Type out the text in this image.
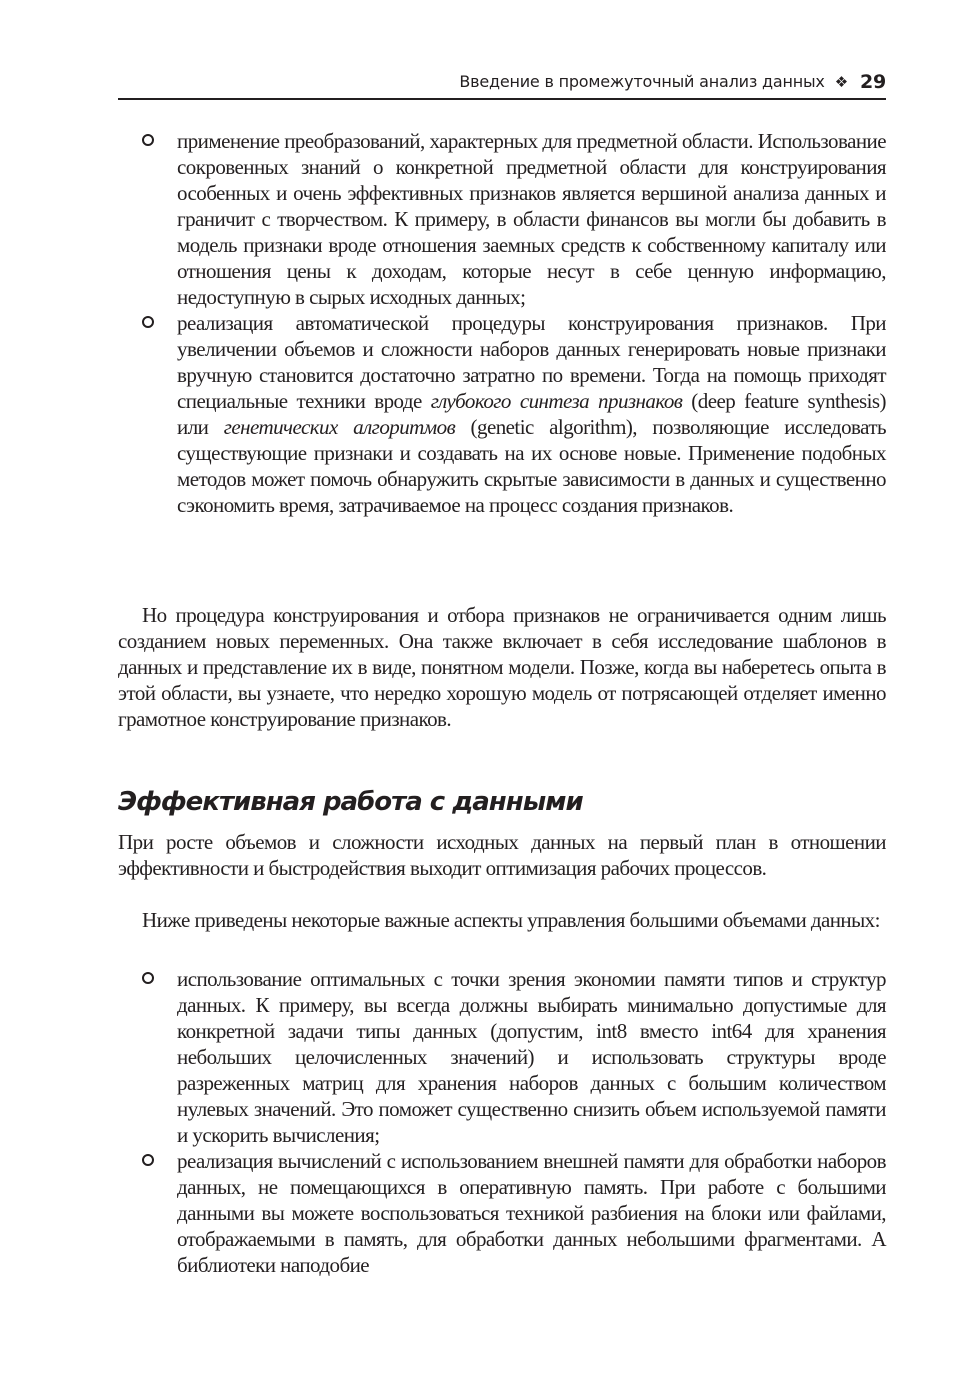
Введение в промежуточный анализ данных ❖ 29
применение преобразований, характерных для предметной области. Использование сокровенных знаний о конкретной предметной области для конструирования особенных и очень эффективных признаков является вершиной анализа данных и граничит с творчеством. К примеру, в области финансов вы могли бы добавить в модель признаки вроде отношения заемных средств к собственному капиталу или отношения цены к доходам, которые несут в себе ценную информацию, недоступную в сырых исходных данных;
реализация автоматической процедуры конструирования признаков. При увеличении объемов и сложности наборов данных генерировать новые признаки вручную становится достаточно затратно по времени. Тогда на помощь приходят специальные техники вроде глубокого синтеза признаков (deep feature synthesis) или генетических алгоритмов (genetic algorithm), позволяющие исследовать существующие признаки и создавать на их основе новые. Применение подобных методов может помочь обнаружить скрытые зависимости в данных и существенно сэкономить время, затрачиваемое на процесс создания признаков.

Но процедура конструирования и отбора признаков не ограничивается одним лишь созданием новых переменных. Она также включает в себя исследование шаблонов в данных и представление их в виде, понятном модели. Позже, когда вы наберетесь опыта в этой области, вы узнаете, что нередко хорошую модель от потрясающей отделяет именно грамотное конструирование признаков.

Эффективная работа с данными

При росте объемов и сложности исходных данных на первый план в отношении эффективности и быстродействия выходит оптимизация рабочих процессов.

Ниже приведены некоторые важные аспекты управления большими объемами данных:

использование оптимальных с точки зрения экономии памяти типов и структур данных. К примеру, вы всегда должны выбирать минимально допустимые для конкретной задачи типы данных (допустим, int8 вместо int64 для хранения небольших целочисленных значений) и использовать структуры вроде разреженных матриц для хранения наборов данных с большим количеством нулевых значений. Это поможет существенно снизить объем используемой памяти и ускорить вычисления;
реализация вычислений с использованием внешней памяти для обработки наборов данных, не помещающихся в оперативную память. При работе с большими данными вы можете воспользоваться техникой разбиения на блоки или файлами, отображаемыми в память, для обработки данных небольшими фрагментами. А библиотеки наподобие
